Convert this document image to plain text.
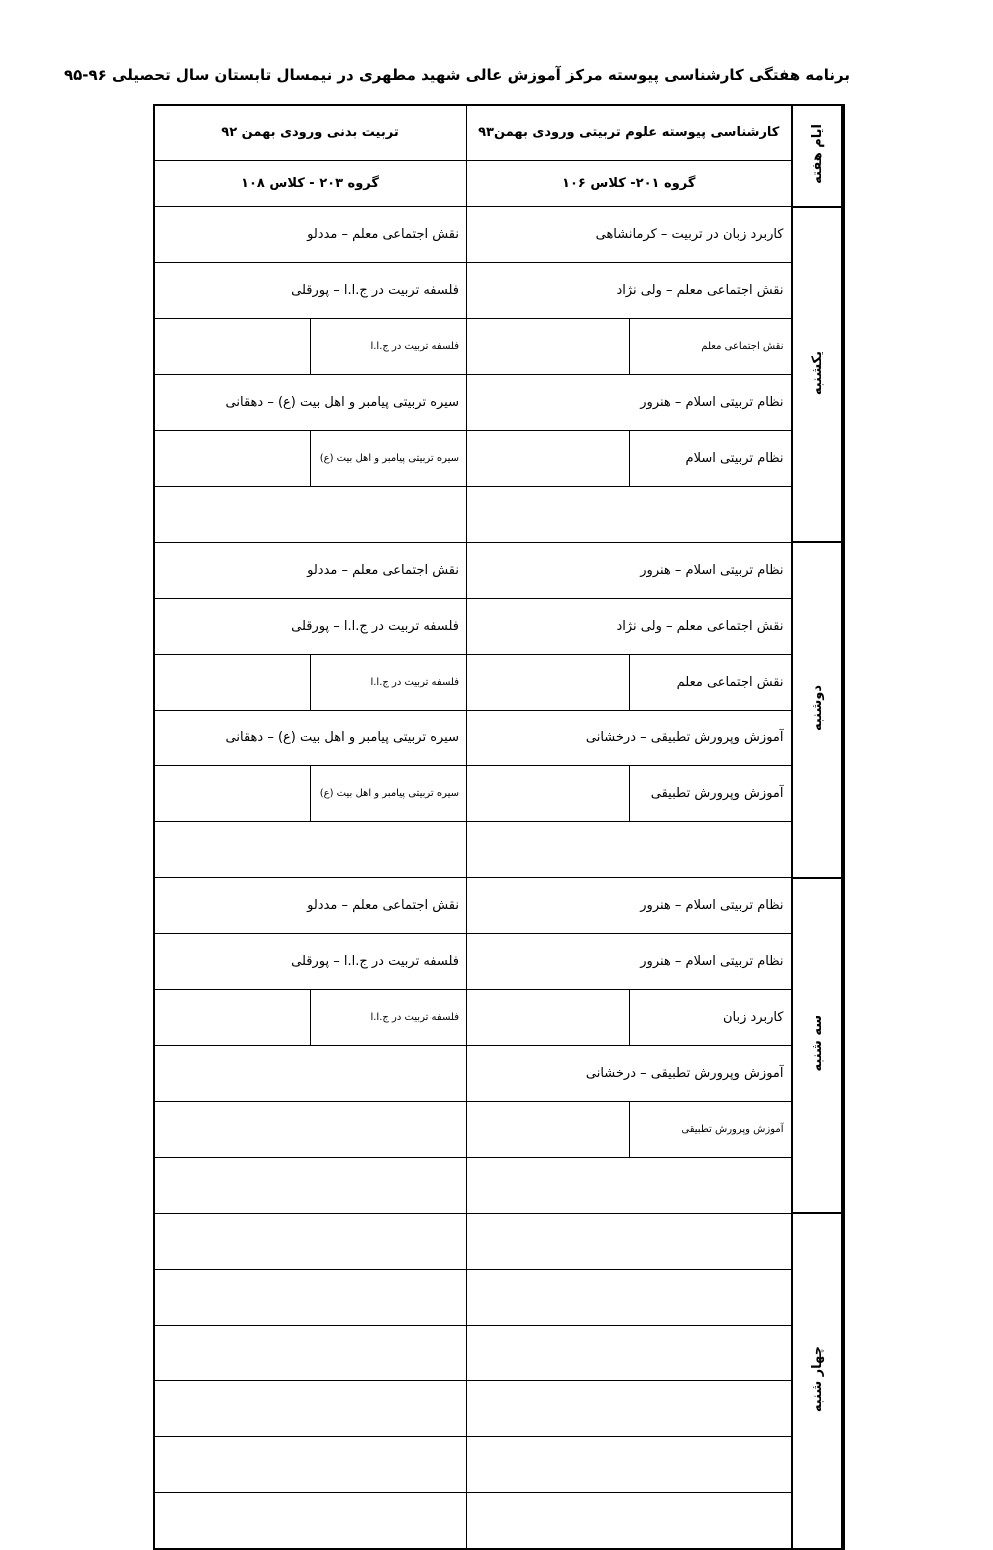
برنامه هفتگی کارشناسی پیوسته مرکز آموزش عالی شهید مطهری در نیمسال تابستان سال تحصیلی ۹۶-۹۵
ایام هفته	کارشناسی پیوسته علوم تربیتی ورودی بهمن۹۳		تربیت بدنی ورودی بهمن ۹۲	
	گروه ۲۰۱- کلاس ۱۰۶		گروه ۲۰۳ - کلاس ۱۰۸	
یکشنبه	کاربرد زبان در تربیت – کرمانشاهی		نقش اجتماعی معلم – مددلو	
	نقش اجتماعی معلم – ولی نژاد		فلسفه تربیت در ج.ا.ا – پورقلی	
	نقش اجتماعی معلم		فلسفه تربیت در ج.ا.ا	
	نظام تربیتی اسلام – هنرور		سیره تربیتی پیامبر و اهل بیت (ع) – دهقانی	
	نظام تربیتی اسلام		سیره تربیتی پیامبر و اهل بیت (ع)	

دوشنبه	نظام تربیتی اسلام – هنرور		نقش اجتماعی معلم – مددلو	
	نقش اجتماعی معلم – ولی نژاد		فلسفه تربیت در ج.ا.ا – پورقلی	
	نقش اجتماعی معلم		فلسفه تربیت در ج.ا.ا	
	آموزش وپرورش تطبیقی – درخشانی		سیره تربیتی پیامبر و اهل بیت (ع) – دهقانی	
	آموزش وپرورش تطبیقی		سیره تربیتی پیامبر و اهل بیت (ع)	

سه شنبه	نظام تربیتی اسلام – هنرور		نقش اجتماعی معلم – مددلو	
	نظام تربیتی اسلام – هنرور		فلسفه تربیت در ج.ا.ا – پورقلی	
	کاربرد زبان		فلسفه تربیت در ج.ا.ا	
	آموزش وپرورش تطبیقی – درخشانی			
	آموزش وپرورش تطبیقی			

چهار شنبه				
